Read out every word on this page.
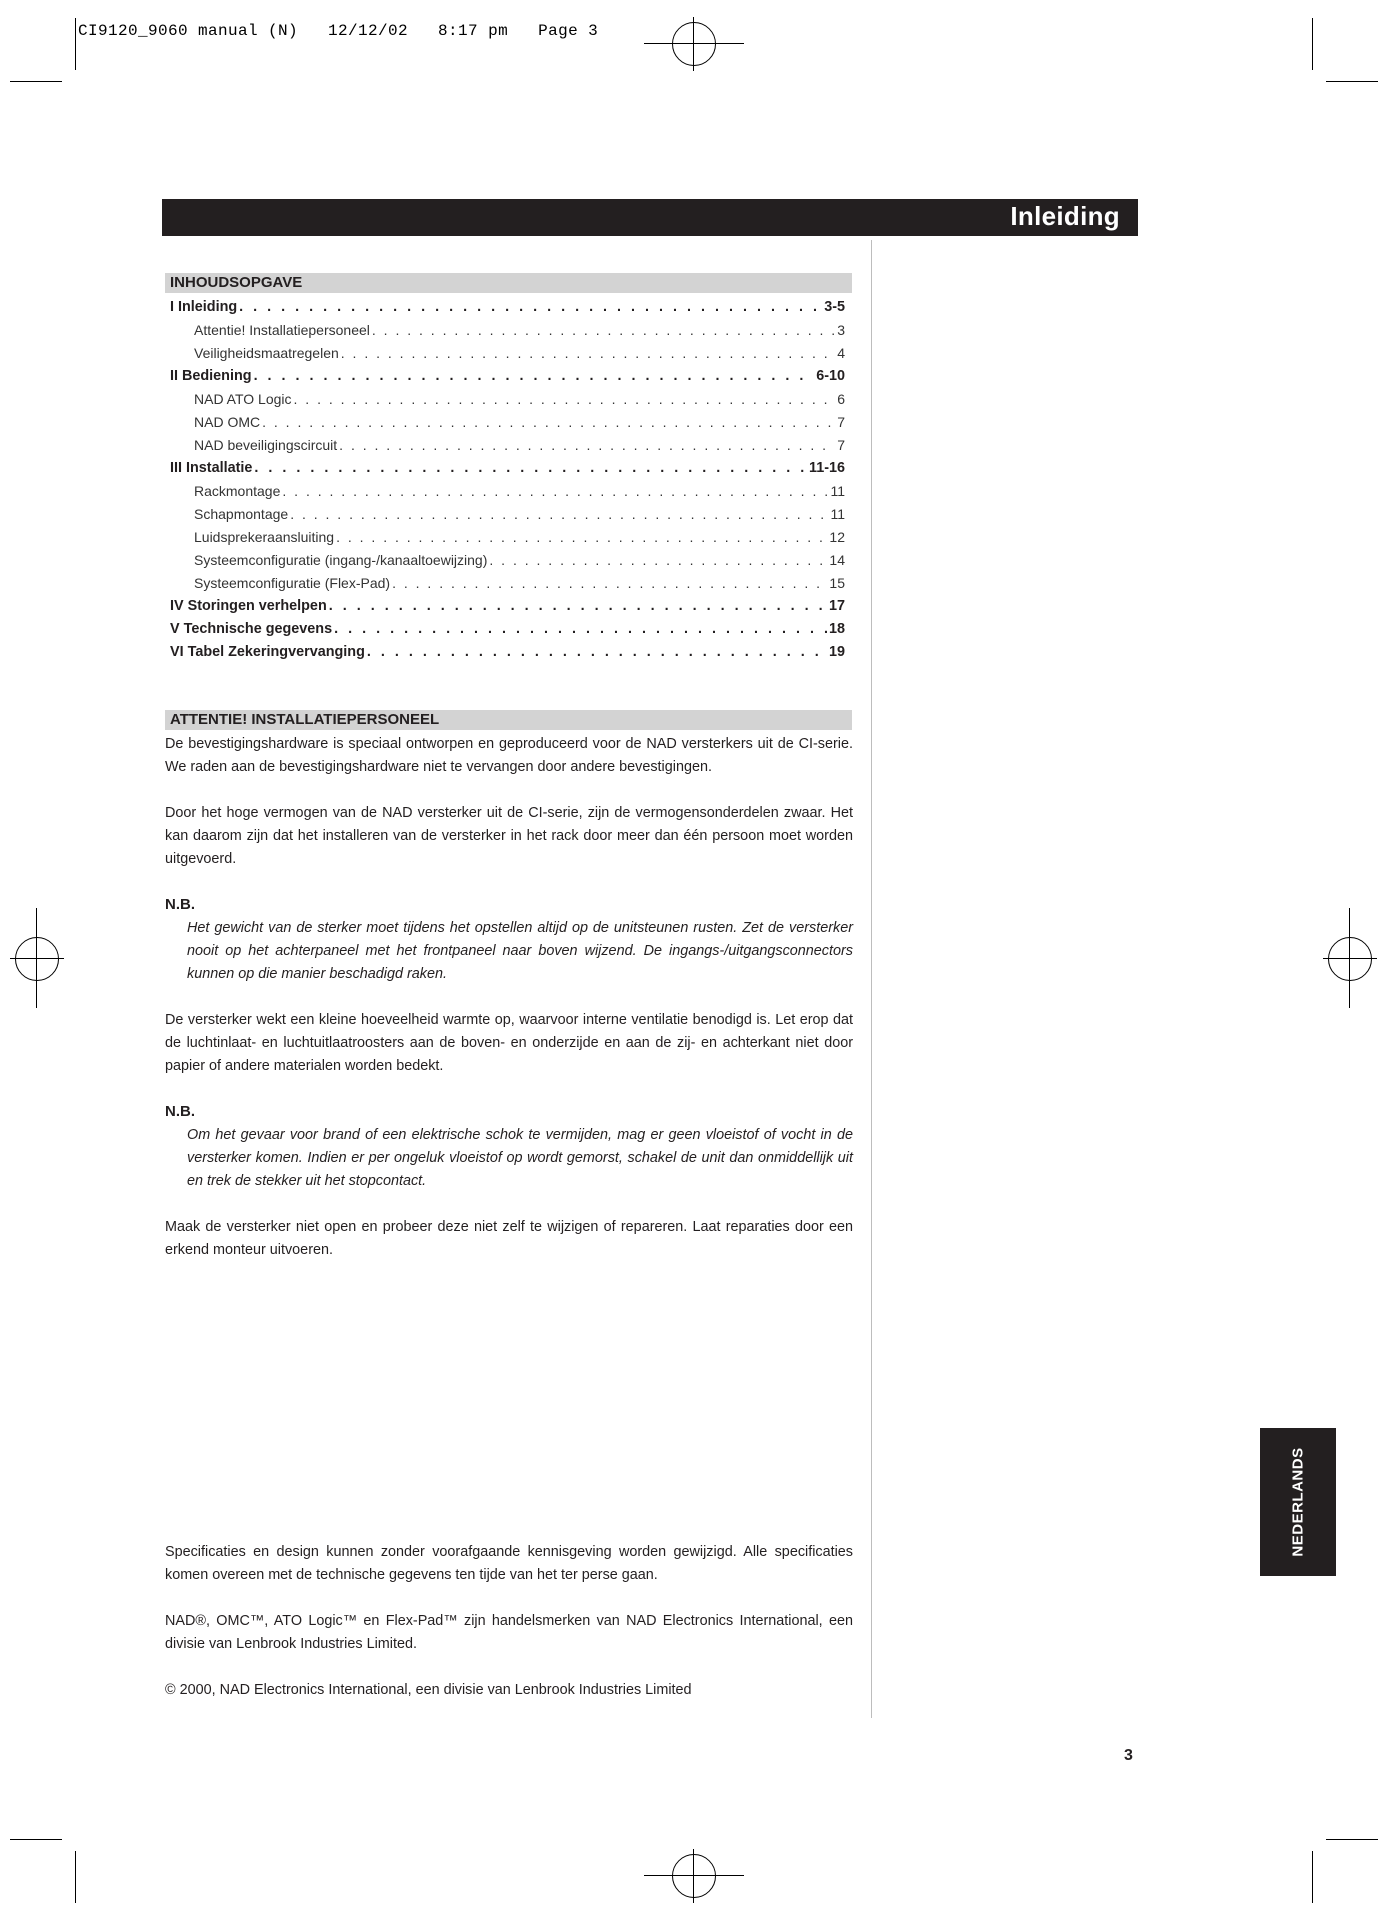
CI9120_9060 manual (N)   12/12/02   8:17 pm   Page 3
Inleiding
INHOUDSOPGAVE
I Inleiding . . .	3-5
Attentie! Installatiepersoneel . . .	3
Veiligheidsmaatregelen . . .	4
II Bediening . . .	6-10
NAD ATO Logic . . .	6
NAD OMC . . .	7
NAD beveiligingscircuit . . .	7
III Installatie . . .	11-16
Rackmontage . . .	11
Schapmontage . . .	11
Luidsprekeraansluiting . . .	12
Systeemconfiguratie (ingang-/kanaaltoewijzing) . . .	14
Systeemconfiguratie (Flex-Pad) . . .	15
IV Storingen verhelpen . . .	17
V Technische gegevens . . .	18
VI Tabel Zekeringvervanging . . .	19
ATTENTIE! INSTALLATIEPERSONEEL

De bevestigingshardware is speciaal ontworpen en geproduceerd voor de NAD versterkers uit de CI-serie. We raden aan de bevestigingshardware niet te vervangen door andere bevestigingen.

Door het hoge vermogen van de NAD versterker uit de CI-serie, zijn de vermogensonderdelen zwaar. Het kan daarom zijn dat het installeren van de versterker in het rack door meer dan één persoon moet worden uitgevoerd.

N.B.

Het gewicht van de sterker moet tijdens het opstellen altijd op de unitsteunen rusten. Zet de versterker nooit op het achterpaneel met het frontpaneel naar boven wijzend. De ingangs-/uitgangsconnectors kunnen op die manier beschadigd raken.

De versterker wekt een kleine hoeveelheid warmte op, waarvoor interne ventilatie benodigd is. Let erop dat de luchtinlaat- en luchtuitlaatroosters aan de boven- en onderzijde en aan de zij- en achterkant niet door papier of andere materialen worden bedekt.

N.B.

Om het gevaar voor brand of een elektrische schok te vermijden, mag er geen vloeistof of vocht in de versterker komen. Indien er per ongeluk vloeistof op wordt gemorst, schakel de unit dan onmiddellijk uit en trek de stekker uit het stopcontact.

Maak de versterker niet open en probeer deze niet zelf te wijzigen of repareren. Laat reparaties door een erkend monteur uitvoeren.

Specificaties en design kunnen zonder voorafgaande kennisgeving worden gewijzigd. Alle specificaties komen overeen met de technische gegevens ten tijde van het ter perse gaan.

NAD®, OMC™, ATO Logic™ en Flex-Pad™ zijn handelsmerken van NAD Electronics International, een divisie van Lenbrook Industries Limited.

© 2000, NAD Electronics International, een divisie van Lenbrook Industries Limited

NEDERLANDS
3
